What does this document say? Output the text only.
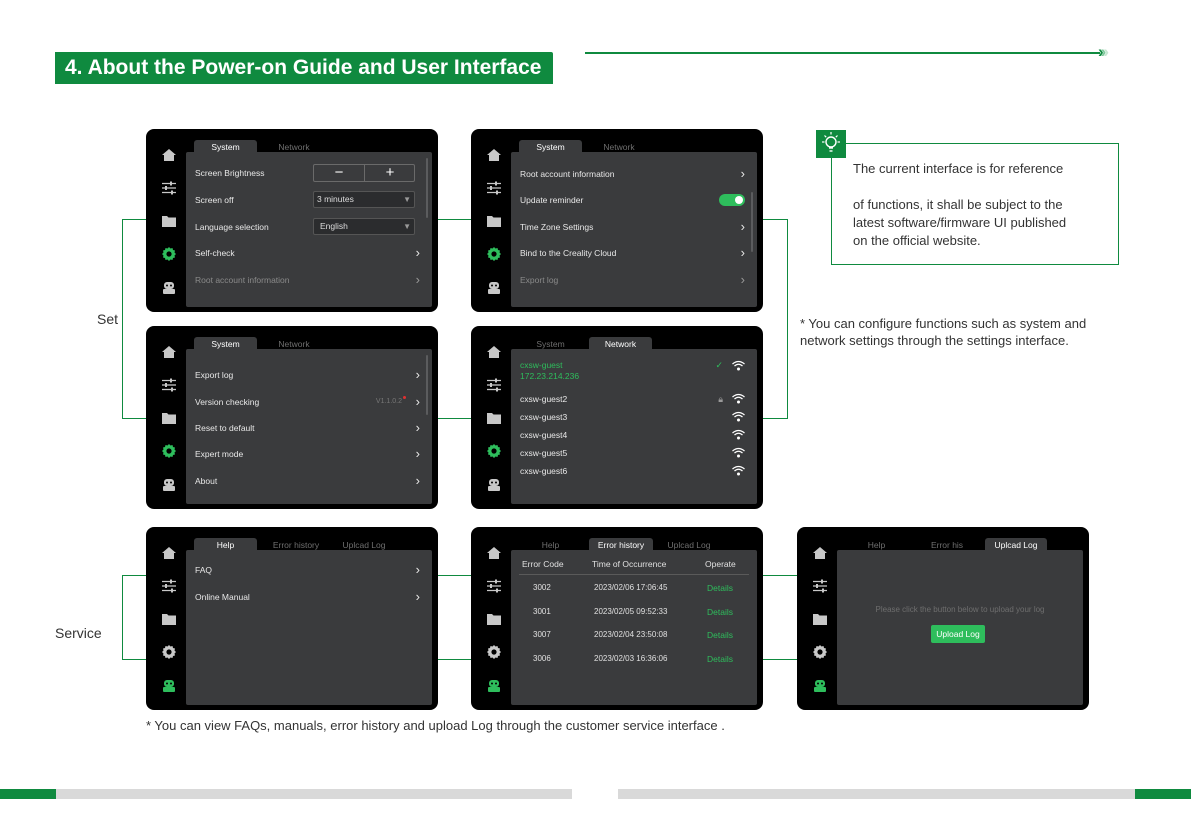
4. About the Power-on Guide and User Interface
›››
Set
Service
The current interface is for reference
of functions, it shall be subject to the
latest software/firmware UI published
on the official website.
* You can configure functions such as system and network settings through the settings interface.
System	Network
Screen Brightness	−	+
Screen off	3 minutes	▼
Language selection	English	▼
Self-check	›
Root account information	›
System	Network
Root account information	›
Update reminder
Time Zone Settings	›
Bind to the Creality Cloud	›
Export log	›
System	Network
Export log	›
Version checking	V1.1.0.2 ›
Reset to default	›
Expert mode	›
About	›
System	Network
cxsw-guest
172.23.214.236
✓
cxsw-guest2	🔒︎
cxsw-guest3
cxsw-guest4
cxsw-guest5
cxsw-guest6
Help	Error history	Uplcad Log
FAQ	›
Online Manual	›
Help	Error history	Uplcad Log
Error Code	Time of Occurrence	Operate
3002	2023/02/06 17:06:45	Details
3001	2023/02/05 09:52:33	Details
3007	2023/02/04 23:50:08	Details
3006	2023/02/03 16:36:06	Details
Help	Error his	Uplcad Log
Please click the button below to upload your log
Upload Log
* You can view FAQs, manuals, error history and upload Log through the customer service interface .
